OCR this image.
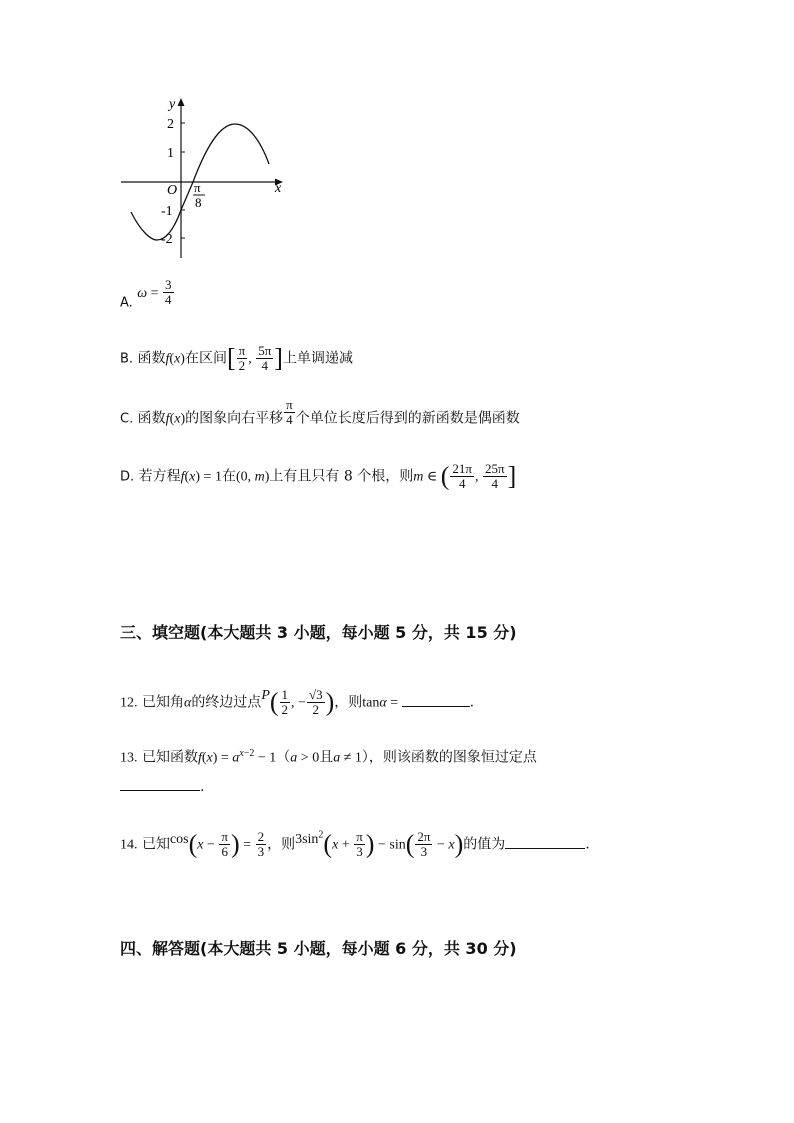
y
x
2
1
O
-1
-2
π
8
A. $\omega = \frac{3}{4}$
B. 函数f(x)在区间[ $\frac{\pi}{2}$ , $\frac{5\pi}{4}$ ]上单调递减
C. 函数f(x)的图象向右平移 $\frac{\pi}{4}$ 个单位长度后得到的新函数是偶函数
D. 若方程f(x) = 1在(0, m)上有且只有 8 个根，则m ∈ ( $\frac{21\pi}{4}$ , $\frac{25\pi}{4}$ ]
三、填空题(本大题共 3 小题，每小题 5 分，共 15 分)
12. 已知角α的终边过点$P( \frac{1}{2}$ , − $\frac{√3}{2}$ )，则tanα =	.
13. 已知函数$f(x) = a^{x-2} - 1(a > 0$且a ≠ 1），则该函数的图象恒过定点
.
14. 已知$\cos(x - \frac{\pi}{6}$ ) = $\frac{2}{3}$ ，则$3\sin^2(x + \frac{\pi}{3}$ ) − $\sin( \frac{2\pi}{3} - x)$的值为	.
四、解答题(本大题共 5 小题，每小题 6 分，共 30 分)
